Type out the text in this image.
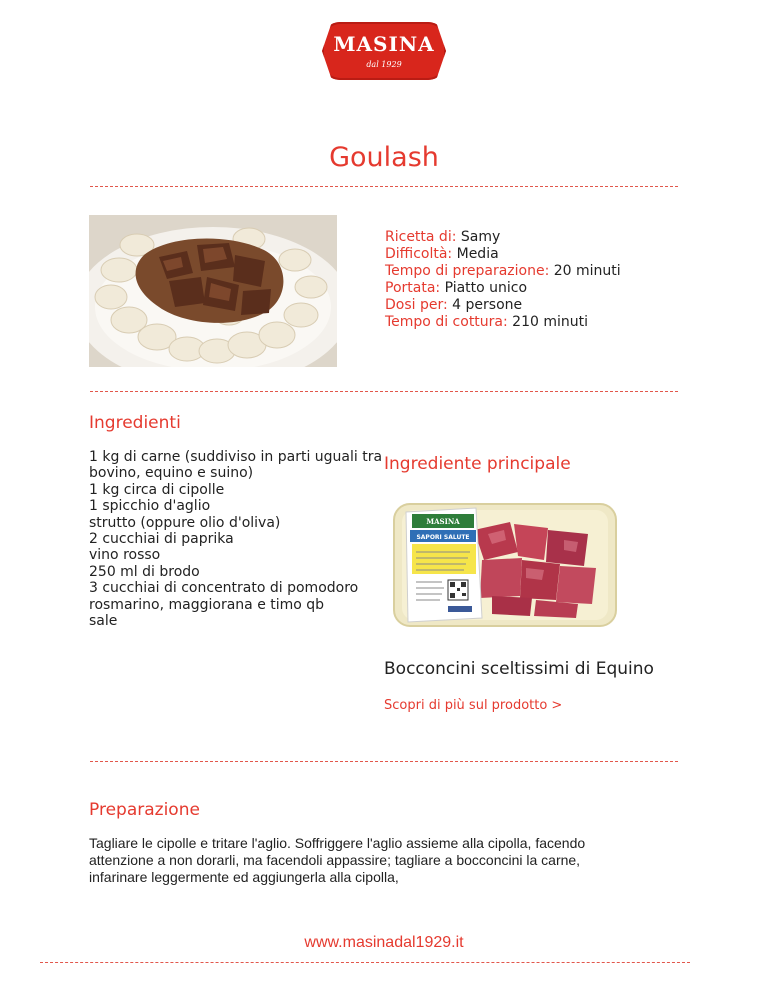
MASINA
dal 1929
Goulash
Ricetta di: Samy
Difficoltà: Media
Tempo di preparazione: 20 minuti
Portata: Piatto unico
Dosi per: 4 persone
Tempo di cottura: 210 minuti
Ingredienti
1 kg di carne (suddiviso in parti uguali tra bovino, equino e suino)
1 kg circa di cipolle
1 spicchio d'aglio
strutto (oppure olio d'oliva)
2 cucchiai di paprika
vino rosso
250 ml di brodo
3 cucchiai di concentrato di pomodoro
rosmarino, maggiorana e timo qb
sale
Ingrediente principale
MASINA
SAPORI SALUTE
Bocconcini sceltissimi di Equino
Scopri di più sul prodotto >
Preparazione

Tagliare le cipolle e tritare l'aglio. Soffriggere l'aglio assieme alla cipolla, facendo attenzione a non dorarli, ma facendoli appassire; tagliare a bocconcini la carne, infarinare leggermente ed aggiungerla alla cipolla,

www.masinadal1929.it
